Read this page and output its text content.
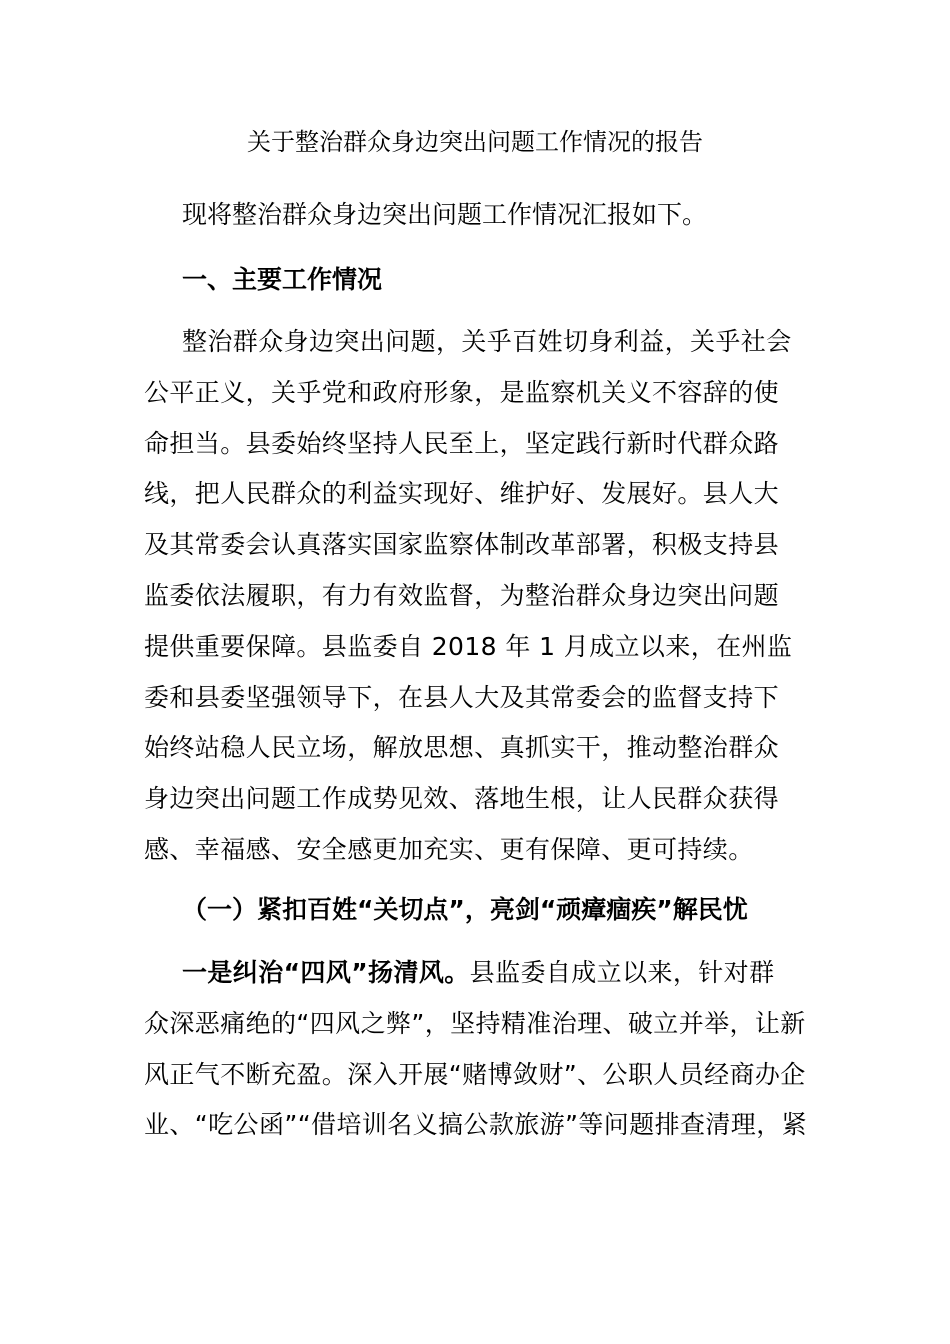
关于整治群众身边突出问题工作情况的报告
现将整治群众身边突出问题工作情况汇报如下。
一、主要工作情况
整治群众身边突出问题，关乎百姓切身利益，关乎社会
公平正义，关乎党和政府形象，是监察机关义不容辞的使
命担当。县委始终坚持人民至上，坚定践行新时代群众路
线，把人民群众的利益实现好、维护好、发展好。县人大
及其常委会认真落实国家监察体制改革部署，积极支持县
监委依法履职，有力有效监督，为整治群众身边突出问题
提供重要保障。县监委自 2018 年 1 月成立以来，在州监
委和县委坚强领导下，在县人大及其常委会的监督支持下
始终站稳人民立场，解放思想、真抓实干，推动整治群众
身边突出问题工作成势见效、落地生根，让人民群众获得
感、幸福感、安全感更加充实、更有保障、更可持续。
（一）紧扣百姓“关切点”，亮剑“顽瘴痼疾”解民忧
一是纠治“四风”扬清风。县监委自成立以来，针对群
众深恶痛绝的“四风之弊”，坚持精准治理、破立并举，让新
风正气不断充盈。深入开展“赌博敛财”、公职人员经商办企
业、“吃公函”“借培训名义搞公款旅游”等问题排查清理，紧
